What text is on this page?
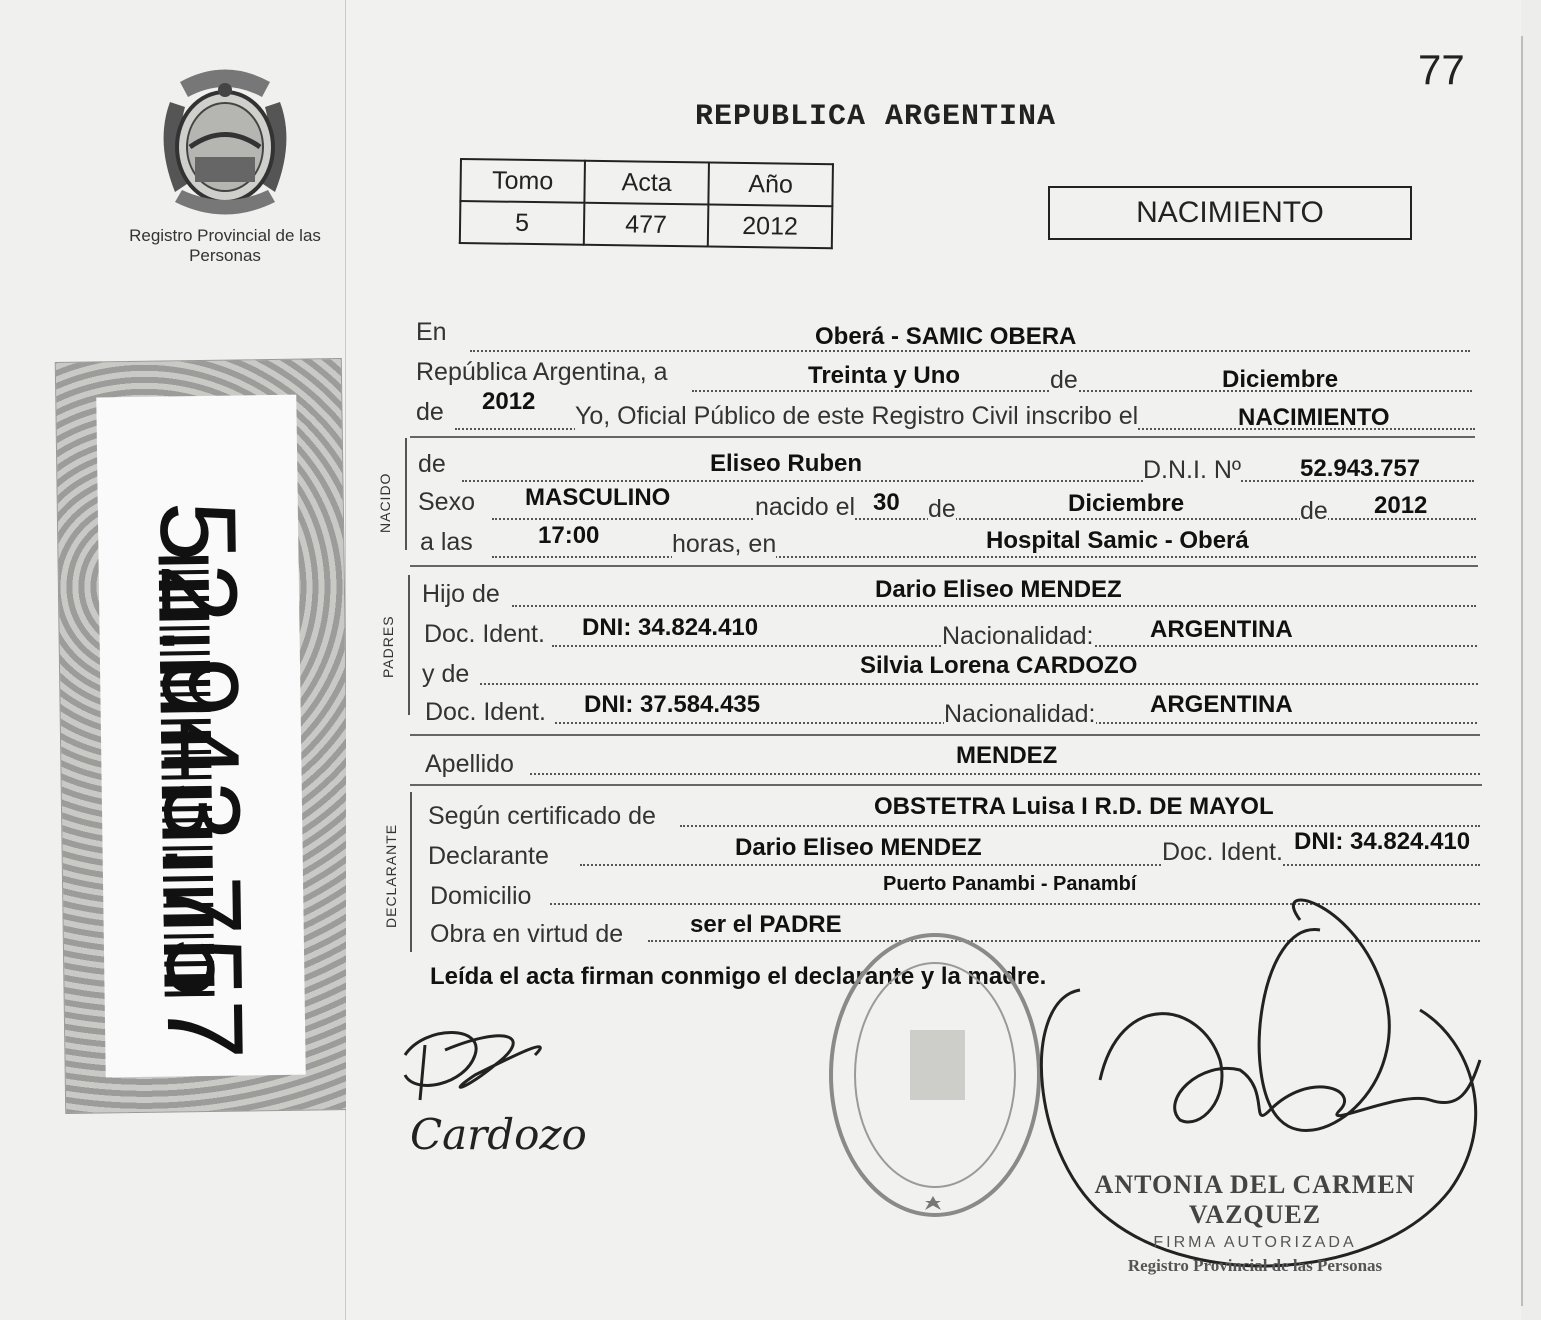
Registro Provincial de las Personas
52.943.757
77
REPUBLICA ARGENTINA
Tomo	Acta	Año
5	477	2012	NACIMIENTO
En	Oberá - SAMIC OBERA
República Argentina, a	Treinta y Uno	de	Diciembre
de 2012
Yo, Oficial Público de este Registro Civil inscribo el	NACIMIENTO
NACIDO
de	Eliseo Ruben	D.N.I. Nº 52.943.757
Sexo MASCULINO	nacido el 30 de	Diciembre	de 2012
a las	17:00	horas, en	Hospital Samic - Oberá
PADRES
Hijo de	Dario Eliseo MENDEZ
Doc. Ident. DNI: 34.824.410	Nacionalidad: ARGENTINA
y de	Silvia Lorena CARDOZO
Doc. Ident. DNI: 37.584.435	Nacionalidad: ARGENTINA
Apellido	MENDEZ
DECLARANTE
Según certificado de	OBSTETRA Luisa I R.D. DE MAYOL
Declarante	Dario Eliseo MENDEZ	Doc. Ident. DNI: 34.824.410
Domicilio	Puerto Panambi - Panambí
Obra en virtud de	ser el PADRE
Leída el acta firman conmigo el declarante y la madre.
Cardozo
ANTONIA DEL CARMEN VAZQUEZ
FIRMA AUTORIZADA
Registro Provincial de las Personas
